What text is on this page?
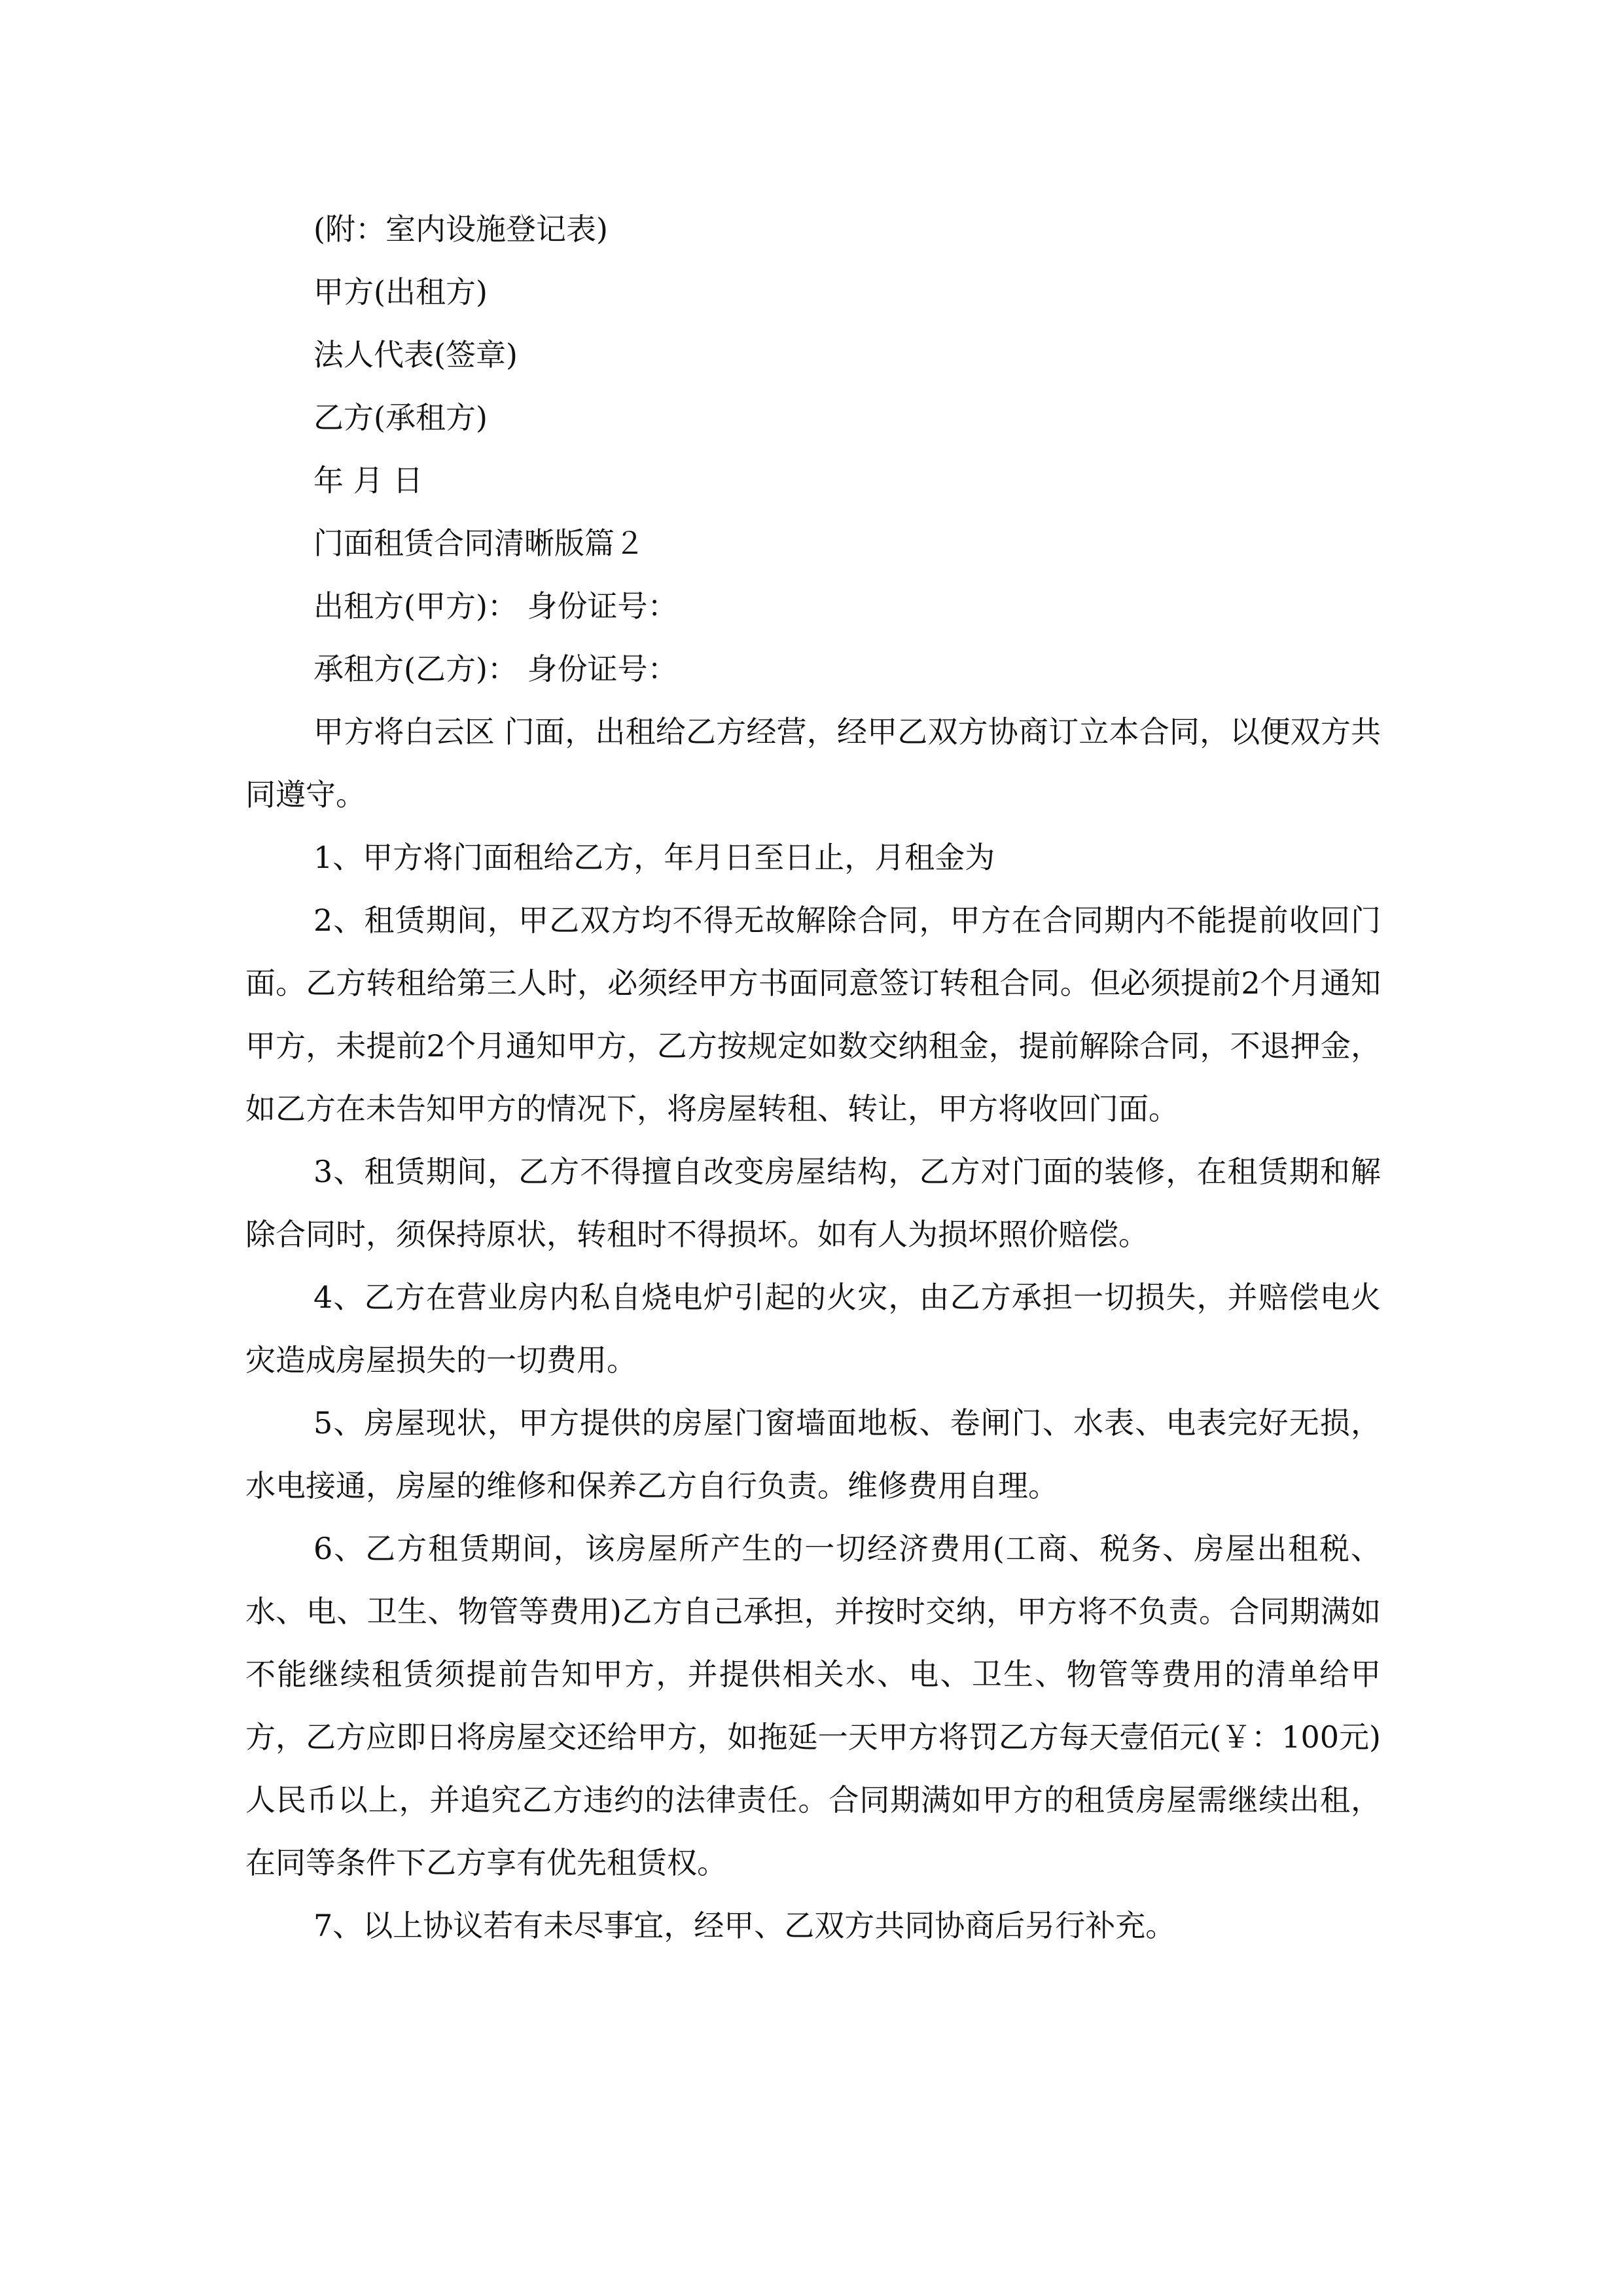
(附：室内设施登记表)

甲方(出租方)

法人代表(签章)

乙方(承租方)

年 月 日

门面租赁合同清晰版篇２

出租方(甲方)： 身份证号：

承租方(乙方)： 身份证号：

甲方将白云区 门面，出租给乙方经营，经甲乙双方协商订立本合同，以便双方共同遵守。

1、甲方将门面租给乙方，年月日至日止，月租金为

2、租赁期间，甲乙双方均不得无故解除合同，甲方在合同期内不能提前收回门面。乙方转租给第三人时，必须经甲方书面同意签订转租合同。但必须提前2个月通知甲方，未提前2个月通知甲方，乙方按规定如数交纳租金，提前解除合同，不退押金，如乙方在未告知甲方的情况下，将房屋转租、转让，甲方将收回门面。

3、租赁期间，乙方不得擅自改变房屋结构，乙方对门面的装修，在租赁期和解除合同时，须保持原状，转租时不得损坏。如有人为损坏照价赔偿。

4、乙方在营业房内私自烧电炉引起的火灾，由乙方承担一切损失，并赔偿电火灾造成房屋损失的一切费用。

5、房屋现状，甲方提供的房屋门窗墙面地板、卷闸门、水表、电表完好无损，水电接通，房屋的维修和保养乙方自行负责。维修费用自理。

6、乙方租赁期间，该房屋所产生的一切经济费用(工商、税务、房屋出租税、水、电、卫生、物管等费用)乙方自己承担，并按时交纳，甲方将不负责。合同期满如不能继续租赁须提前告知甲方，并提供相关水、电、卫生、物管等费用的清单给甲方，乙方应即日将房屋交还给甲方，如拖延一天甲方将罚乙方每天壹佰元(￥：100元)人民币以上，并追究乙方违约的法律责任。合同期满如甲方的租赁房屋需继续出租，在同等条件下乙方享有优先租赁权。

7、以上协议若有未尽事宜，经甲、乙双方共同协商后另行补充。
